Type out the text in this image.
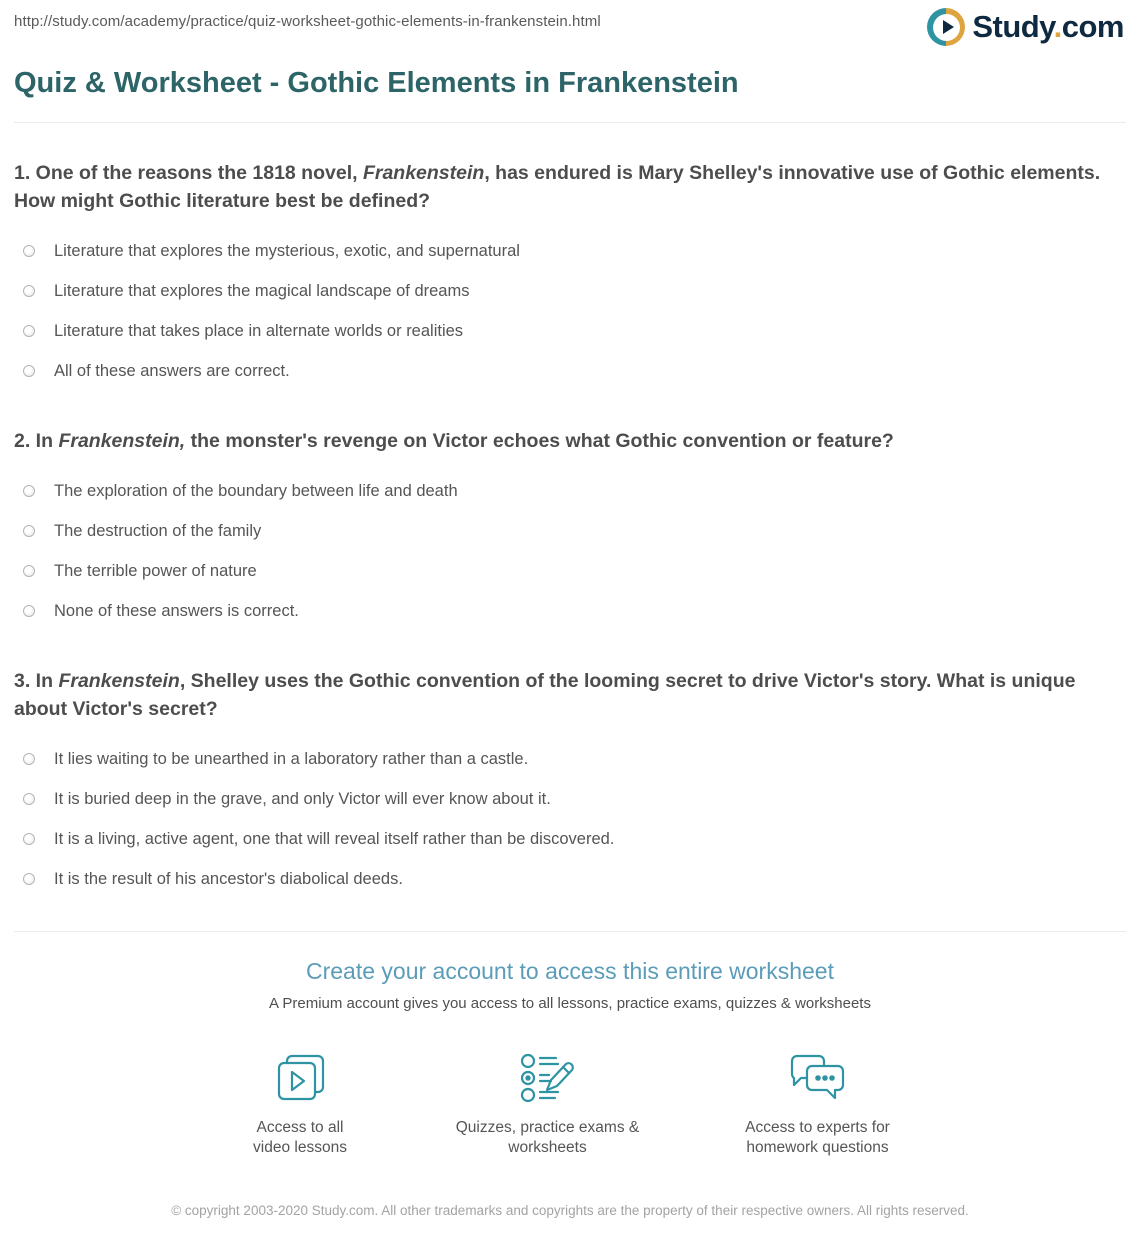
http://study.com/academy/practice/quiz-worksheet-gothic-elements-in-frankenstein.html	Study.com
Quiz & Worksheet - Gothic Elements in Frankenstein

1. One of the reasons the 1818 novel, Frankenstein, has endured is Mary Shelley's innovative use of Gothic elements. How might Gothic literature best be defined?

Literature that explores the mysterious, exotic, and supernatural
Literature that explores the magical landscape of dreams
Literature that takes place in alternate worlds or realities
All of these answers are correct.

2. In Frankenstein, the monster's revenge on Victor echoes what Gothic convention or feature?

The exploration of the boundary between life and death
The destruction of the family
The terrible power of nature
None of these answers is correct.

3. In Frankenstein, Shelley uses the Gothic convention of the looming secret to drive Victor's story. What is unique about Victor's secret?

It lies waiting to be unearthed in a laboratory rather than a castle.
It is buried deep in the grave, and only Victor will ever know about it.
It is a living, active agent, one that will reveal itself rather than be discovered.
It is the result of his ancestor's diabolical deeds.
Create your account to access this entire worksheet

A Premium account gives you access to all lessons, practice exams, quizzes & worksheets

Access to all video lessons
Quizzes, practice exams & worksheets
Access to experts for homework questions
© copyright 2003-2020 Study.com. All other trademarks and copyrights are the property of their respective owners. All rights reserved.
